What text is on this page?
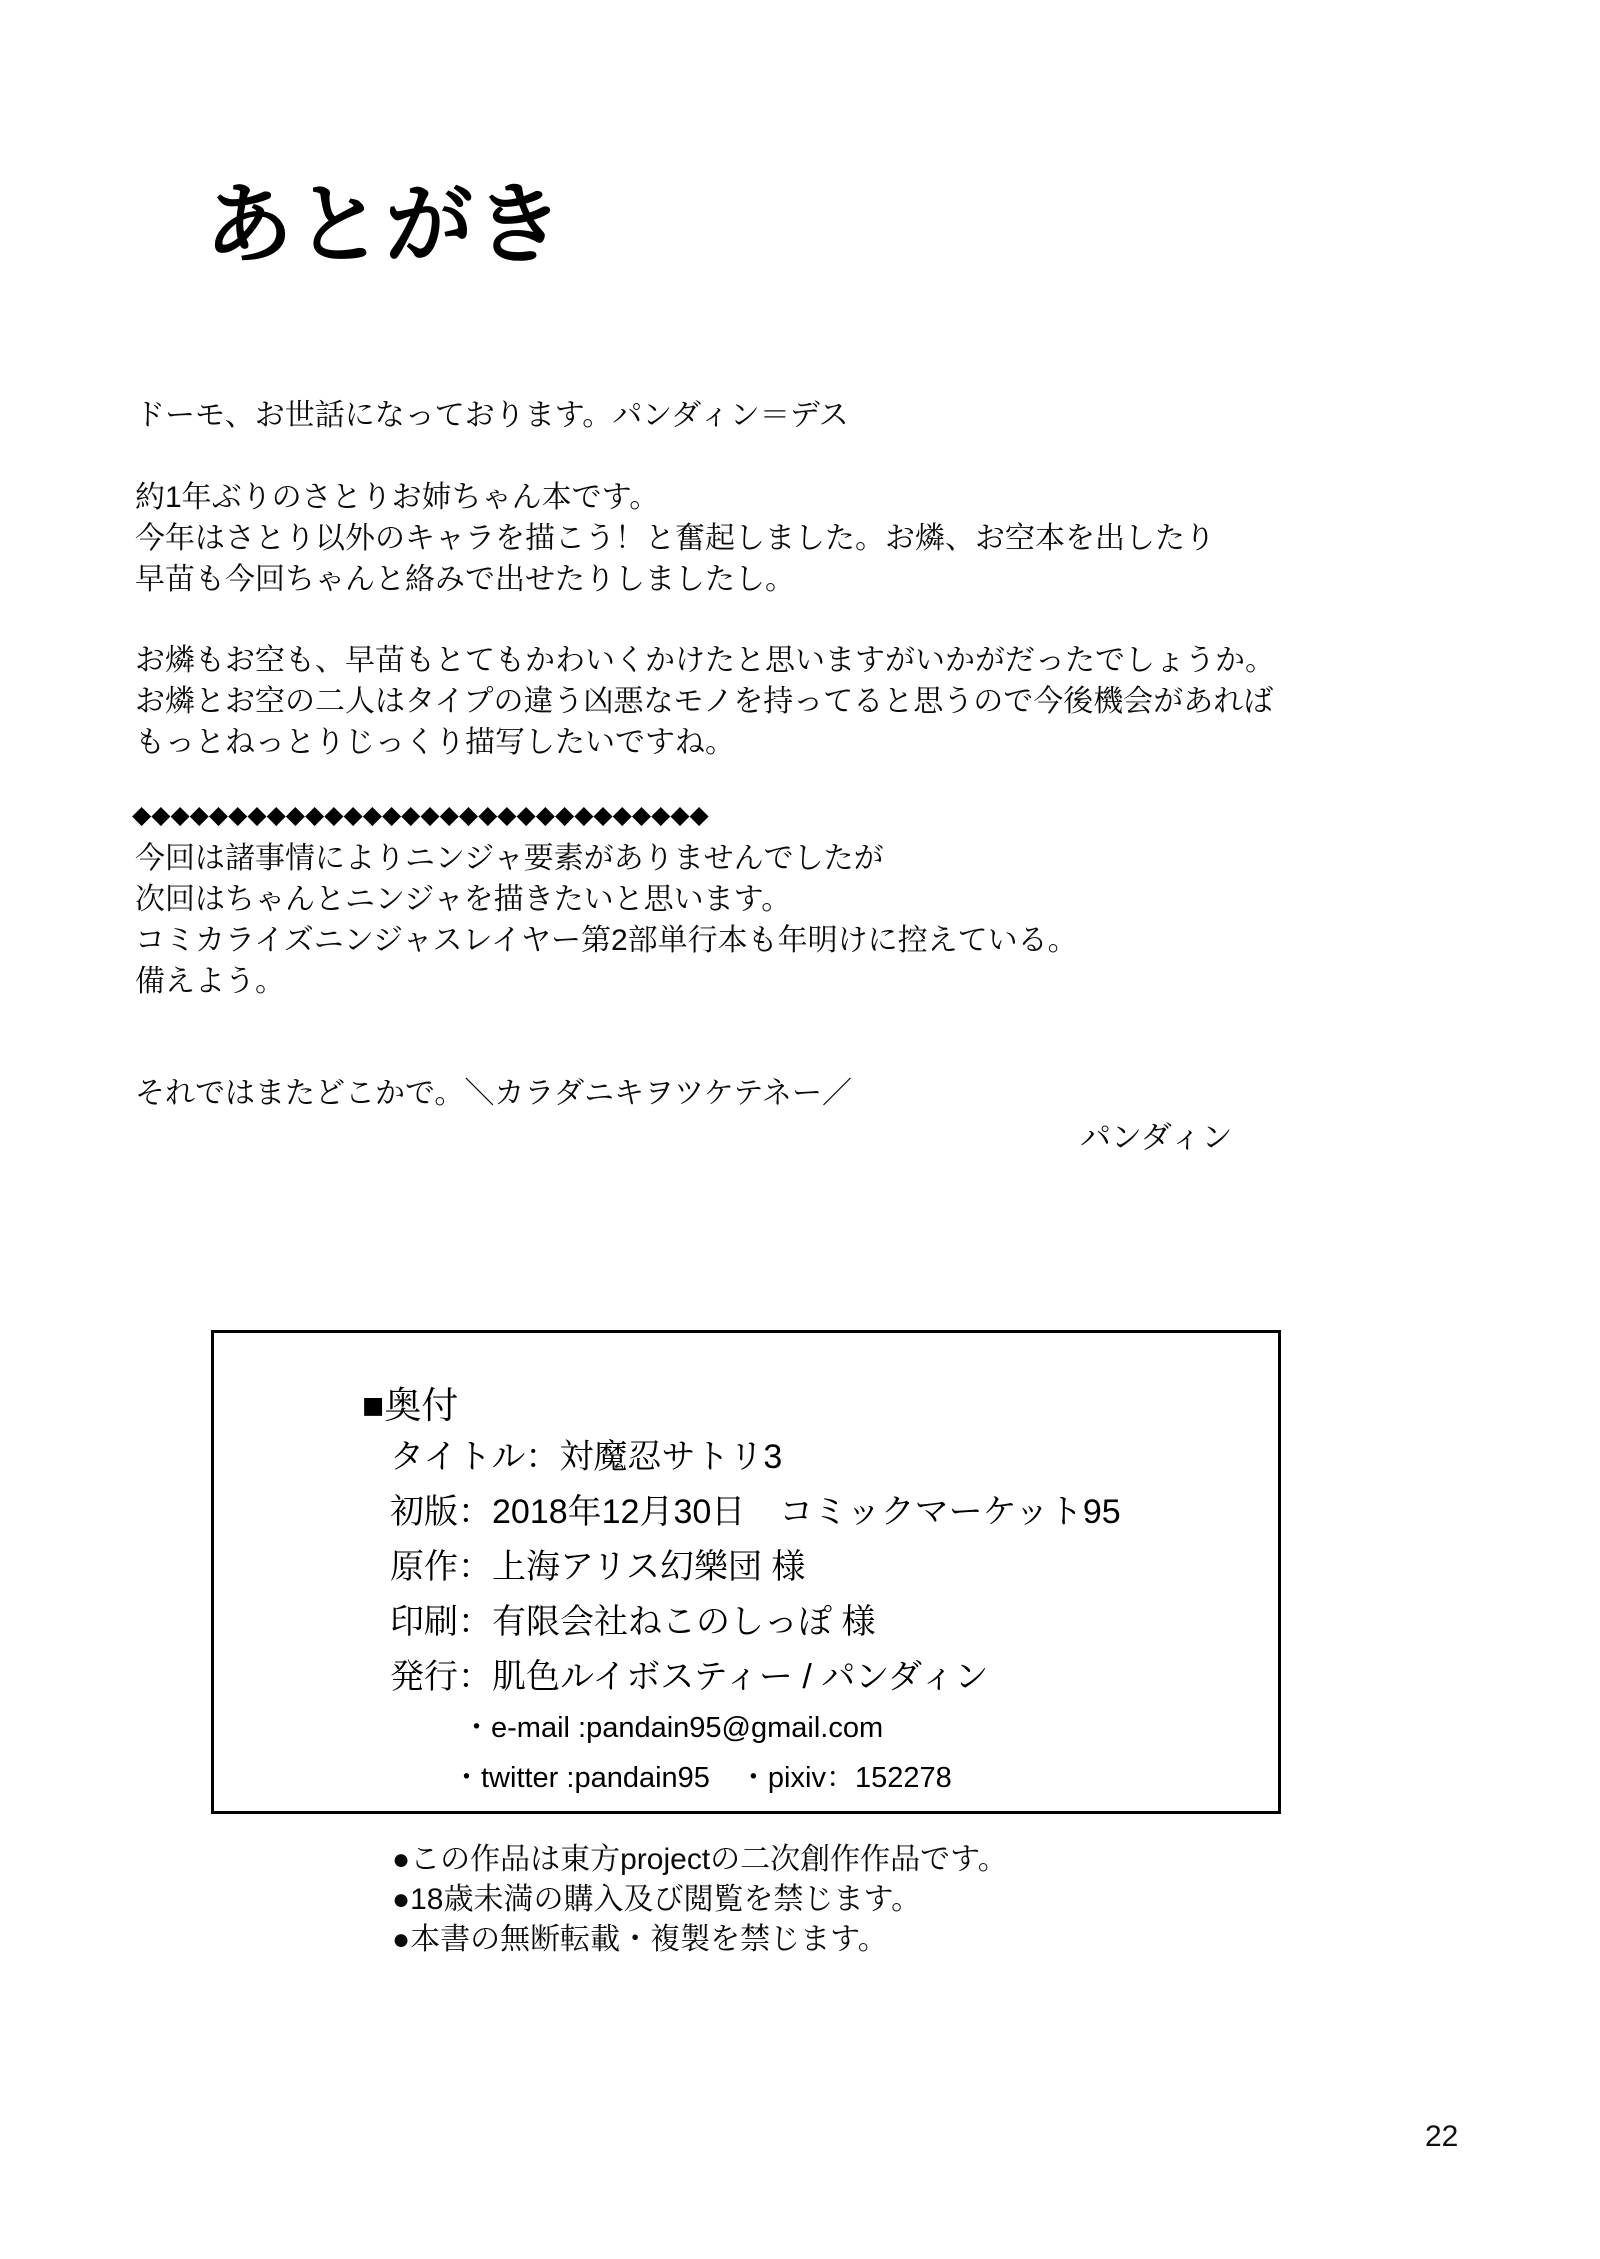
あとがき
ドーモ、お世話になっております。パンダィン＝デス
約1年ぶりのさとりお姉ちゃん本です。
今年はさとり以外のキャラを描こう！と奮起しました。お燐、お空本を出したり
早苗も今回ちゃんと絡みで出せたりしましたし。
お燐もお空も、早苗もとてもかわいくかけたと思いますがいかがだったでしょうか。
お燐とお空の二人はタイプの違う凶悪なモノを持ってると思うので今後機会があれば
もっとねっとりじっくり描写したいですね。
◆◆◆◆◆◆◆◆◆◆◆◆◆◆◆◆◆◆◆◆◆◆◆◆◆◆◆◆◆◆
今回は諸事情によりニンジャ要素がありませんでしたが
次回はちゃんとニンジャを描きたいと思います。
コミカライズニンジャスレイヤー第2部単行本も年明けに控えている。
備えよう。
それではまたどこかで。＼カラダニキヲツケテネー／
パンダィン
■奥付
タイトル：対魔忍サトリ3
初版：2018年12月30日　コミックマーケット95
原作：上海アリス幻樂団 様
印刷：有限会社ねこのしっぽ 様
発行：肌色ルイボスティー / パンダィン
・e-mail :pandain95@gmail.com
・twitter :pandain95　・pixiv：152278
●この作品は東方projectの二次創作作品です。
●18歳未満の購入及び閲覧を禁じます。
●本書の無断転載・複製を禁じます。
22
